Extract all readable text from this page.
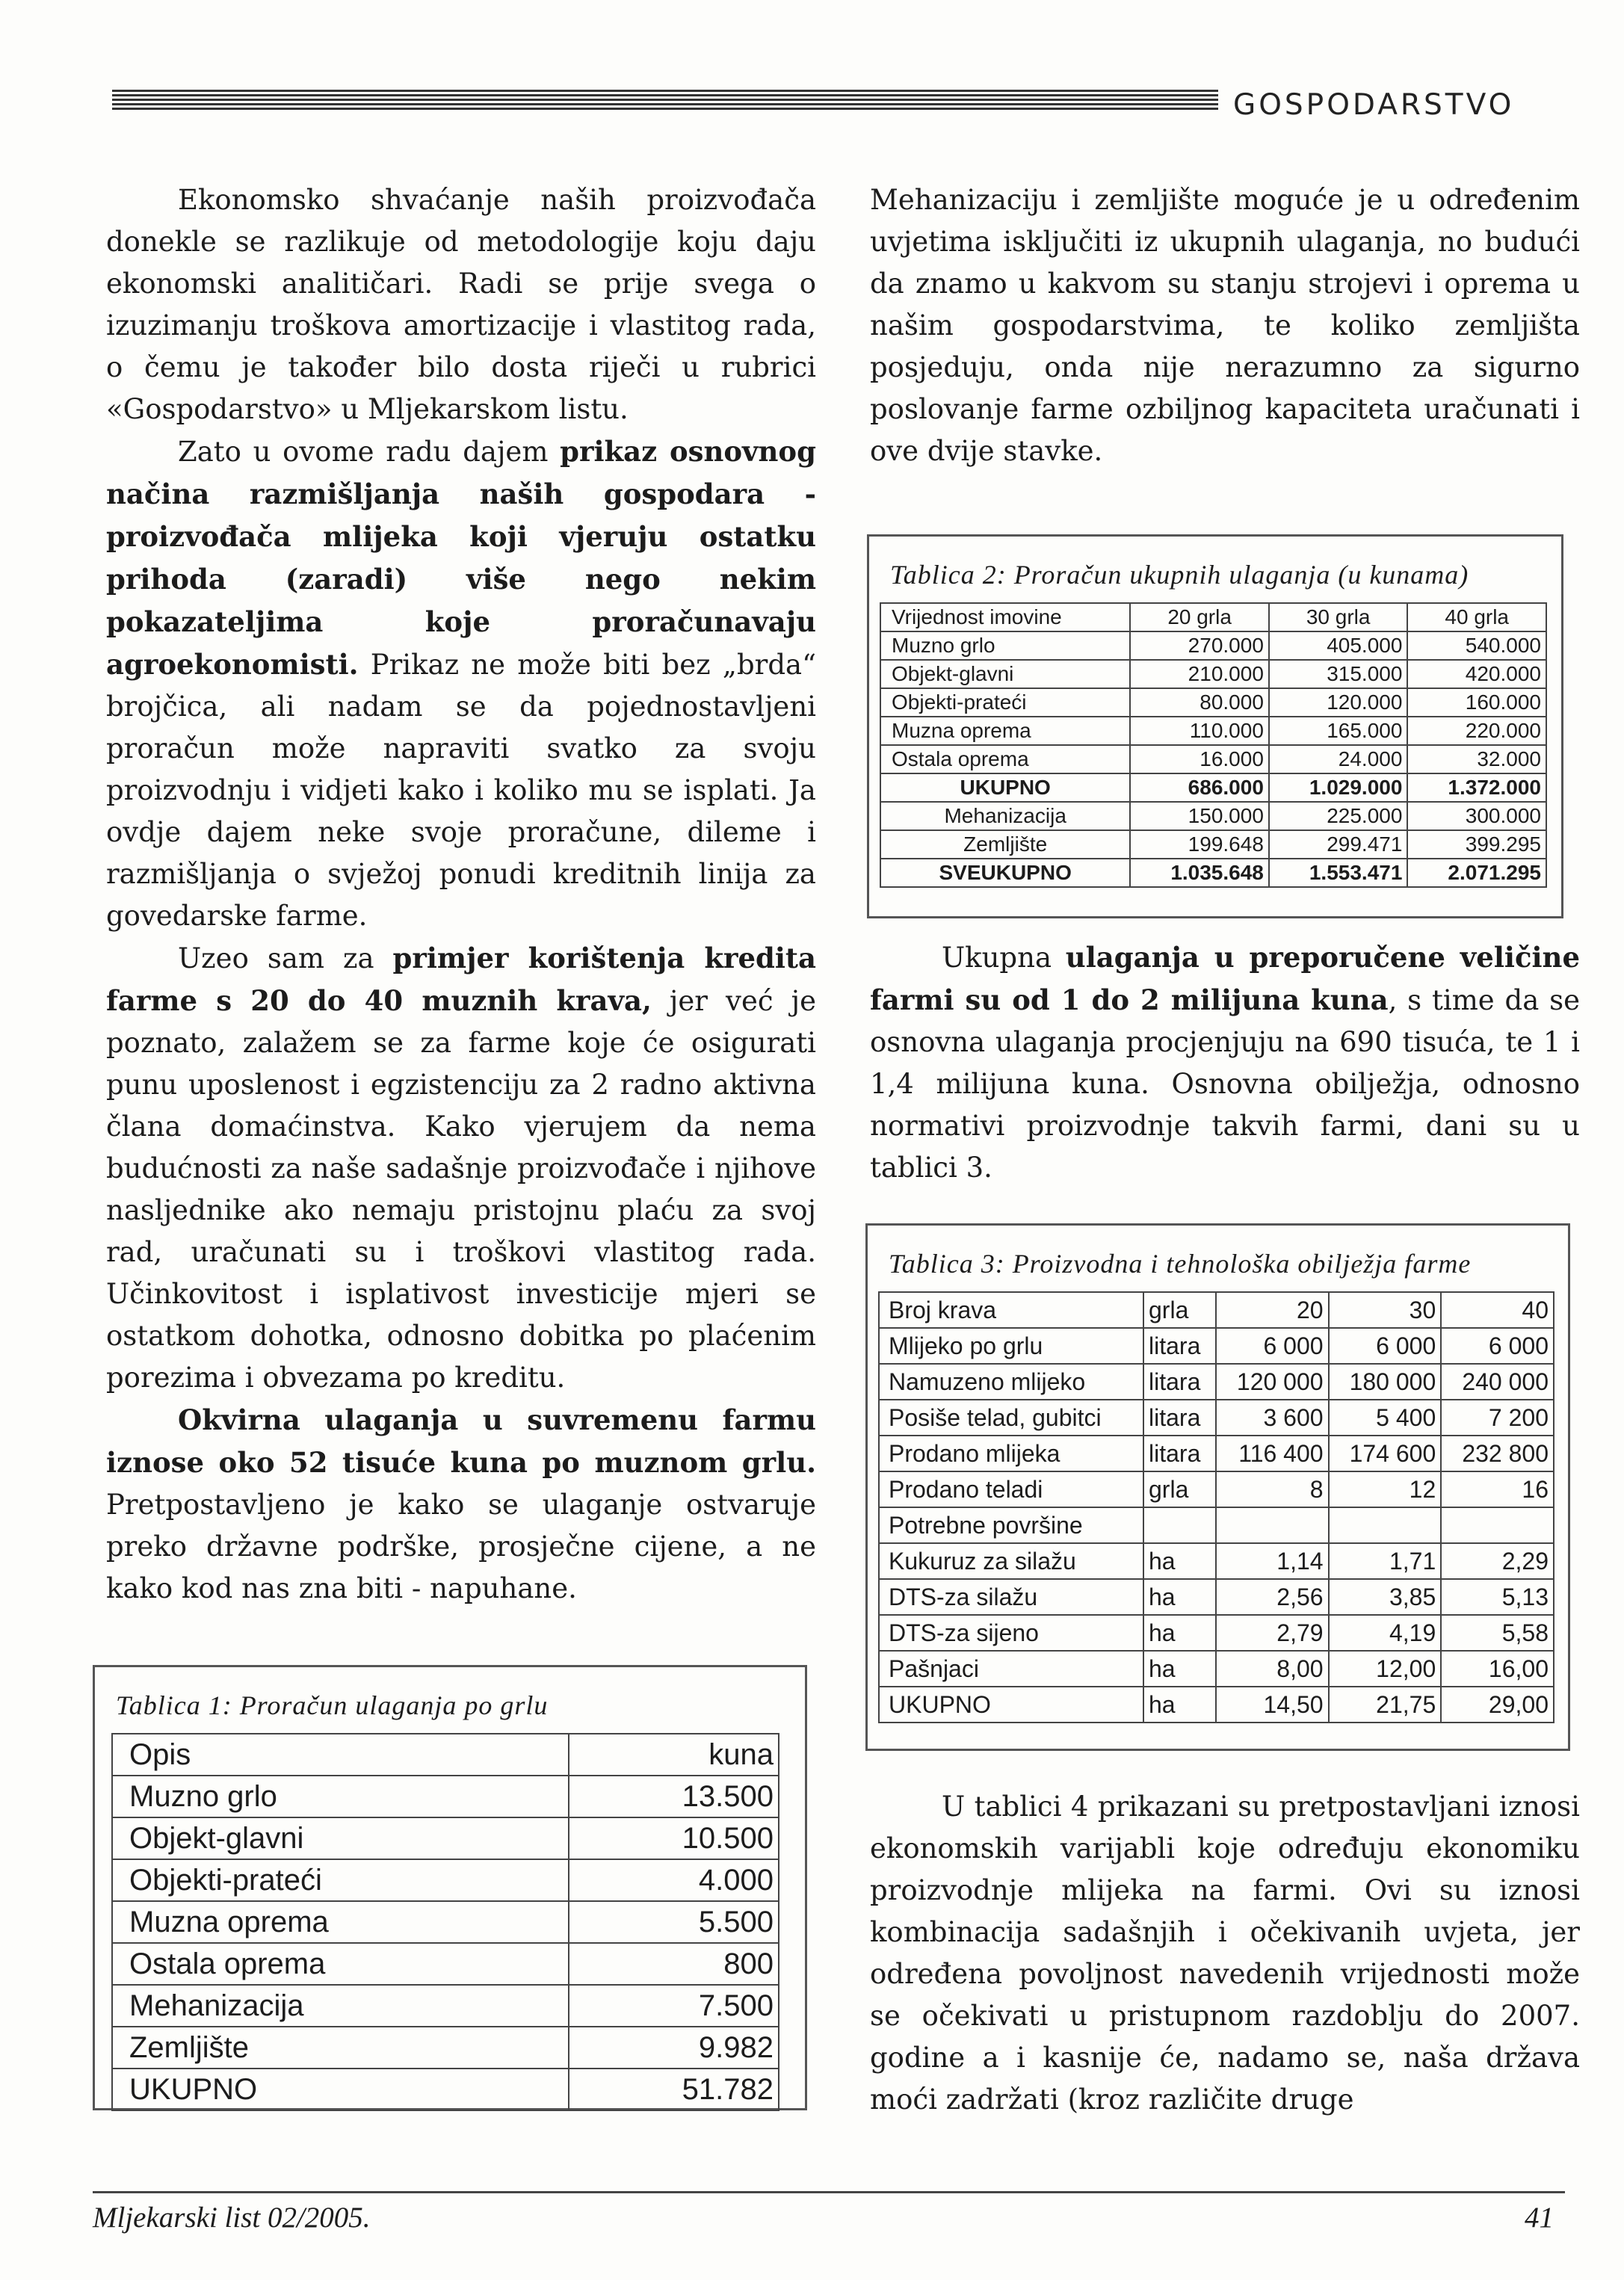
GOSPODARSTVO

Ekonomsko shvaćanje naših proizvođača donekle se razlikuje od metodologije koju daju ekonomski analitičari. Radi se prije svega o izuzimanju troškova amortizacije i vlastitog rada, o čemu je također bilo dosta riječi u rubrici «Gospodarstvo» u Mljekarskom listu.

Zato u ovome radu dajem prikaz osnovnog načina razmišljanja naših gospodara - proizvođača mlijeka koji vjeruju ostatku prihoda (zaradi) više nego nekim pokazateljima koje proračunavaju agroekonomisti. Prikaz ne može biti bez „brda“ brojčica, ali nadam se da pojednostavljeni proračun može napraviti svatko za svoju proizvodnju i vidjeti kako i koliko mu se isplati. Ja ovdje dajem neke svoje proračune, dileme i razmišljanja o svježoj ponudi kreditnih linija za govedarske farme.

Uzeo sam za primjer korištenja kredita farme s 20 do 40 muznih krava, jer već je poznato, zalažem se za farme koje će osigurati punu uposlenost i egzistenciju za 2 radno aktivna člana domaćinstva. Kako vjerujem da nema budućnosti za naše sadašnje proizvođače i njihove nasljednike ako nemaju pristojnu plaću za svoj rad, uračunati su i troškovi vlastitog rada. Učinkovitost i isplativost investicije mjeri se ostatkom dohotka, odnosno dobitka po plaćenim porezima i obvezama po kreditu.

Okvirna ulaganja u suvremenu farmu iznose oko 52 tisuće kuna po muznom grlu. Pretpostavljeno je kako se ulaganje ostvaruje preko državne podrške, prosječne cijene, a ne kako kod nas zna biti - napuhane.

Mehanizaciju i zemljište moguće je u određenim uvjetima isključiti iz ukupnih ulaganja, no budući da znamo u kakvom su stanju strojevi i oprema u našim gospodarstvima, te koliko zemljišta posjeduju, onda nije nerazumno za sigurno poslovanje farme ozbiljnog kapaciteta uračunati i ove dvije stavke.

Ukupna ulaganja u preporučene veličine farmi su od 1 do 2 milijuna kuna, s time da se osnovna ulaganja procjenjuju na 690 tisuća, te 1 i 1,4 milijuna kuna. Osnovna obilježja, odnosno normativi proizvodnje takvih farmi, dani su u tablici 3.

U tablici 4 prikazani su pretpostavljani iznosi ekonomskih varijabli koje određuju ekonomiku proizvodnje mlijeka na farmi. Ovi su iznosi kombinacija sadašnjih i očekivanih uvjeta, jer određena povoljnost navedenih vrijednosti može se očekivati u pristupnom razdoblju do 2007. godine a i kasnije će, nadamo se, naša država moći zadržati (kroz različite druge

Tablica 1: Proračun ulaganja po grlu
Opis	kuna
Muzno grlo	13.500
Objekt-glavni	10.500
Objekti-prateći	4.000
Muzna oprema	5.500
Ostala oprema	800
Mehanizacija	7.500
Zemljište	9.982
UKUPNO	51.782
Tablica 2: Proračun ukupnih ulaganja (u kunama)
Vrijednost imovine	20 grla	30 grla	40 grla
Muzno grlo	270.000	405.000	540.000
Objekt-glavni	210.000	315.000	420.000
Objekti-prateći	80.000	120.000	160.000
Muzna oprema	110.000	165.000	220.000
Ostala oprema	16.000	24.000	32.000
UKUPNO	686.000	1.029.000	1.372.000
Mehanizacija	150.000	225.000	300.000
Zemljište	199.648	299.471	399.295
SVEUKUPNO	1.035.648	1.553.471	2.071.295
Tablica 3: Proizvodna i tehnološka obilježja farme
Broj krava	grla	20	30	40
Mlijeko po grlu	litara	6 000	6 000	6 000
Namuzeno mlijeko	litara	120 000	180 000	240 000
Posiše telad, gubitci	litara	3 600	5 400	7 200
Prodano mlijeka	litara	116 400	174 600	232 800
Prodano teladi	grla	8	12	16
Potrebne površine				
Kukuruz za silažu	ha	1,14	1,71	2,29
DTS-za silažu	ha	2,56	3,85	5,13
DTS-za sijeno	ha	2,79	4,19	5,58
Pašnjaci	ha	8,00	12,00	16,00
UKUPNO	ha	14,50	21,75	29,00
Mljekarski list 02/2005.	41
